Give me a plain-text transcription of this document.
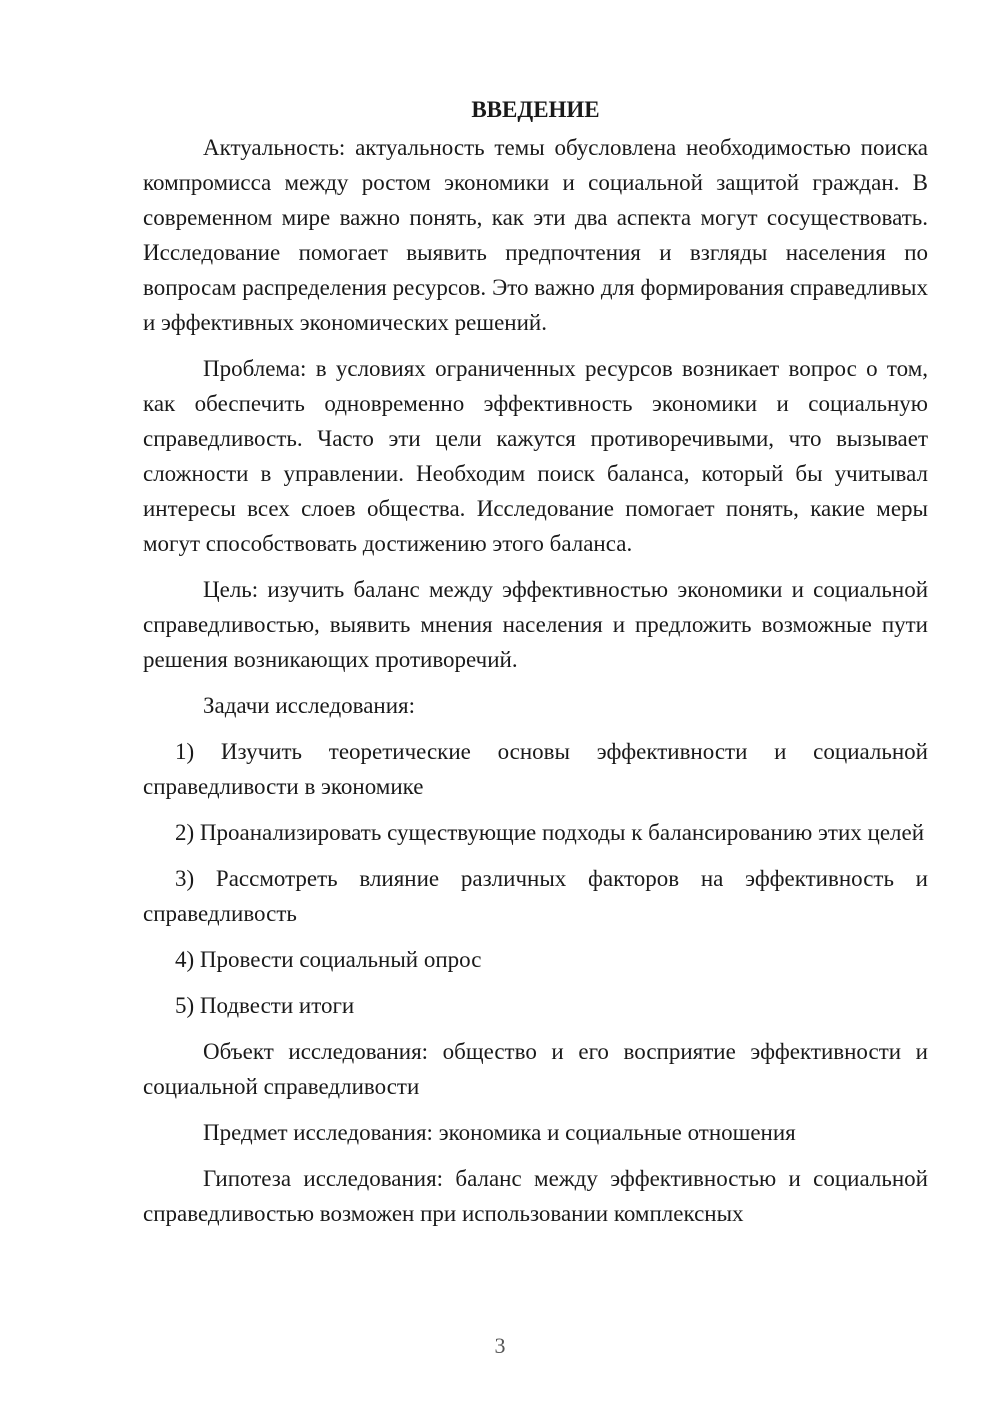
ВВЕДЕНИЕ
Актуальность: актуальность темы обусловлена необходимостью поиска компромисса между ростом экономики и социальной защитой граждан. В современном мире важно понять, как эти два аспекта могут сосуществовать. Исследование помогает выявить предпочтения и взгляды населения по вопросам распределения ресурсов. Это важно для формирования справедливых и эффективных экономических решений.
Проблема: в условиях ограниченных ресурсов возникает вопрос о том, как обеспечить одновременно эффективность экономики и социальную справедливость. Часто эти цели кажутся противоречивыми, что вызывает сложности в управлении. Необходим поиск баланса, который бы учитывал интересы всех слоев общества. Исследование помогает понять, какие меры могут способствовать достижению этого баланса.
Цель: изучить баланс между эффективностью экономики и социальной справедливостью, выявить мнения населения и предложить возможные пути решения возникающих противоречий.
Задачи исследования:
1) Изучить теоретические основы эффективности и социальной справедливости в экономике
2) Проанализировать существующие подходы к балансированию этих целей
3) Рассмотреть влияние различных факторов на эффективность и справедливость
4) Провести социальный опрос
5) Подвести итоги
Объект исследования: общество и его восприятие эффективности и социальной справедливости
Предмет исследования: экономика и социальные отношения
Гипотеза исследования: баланс между эффективностью и социальной справедливостью возможен при использовании комплексных
3
